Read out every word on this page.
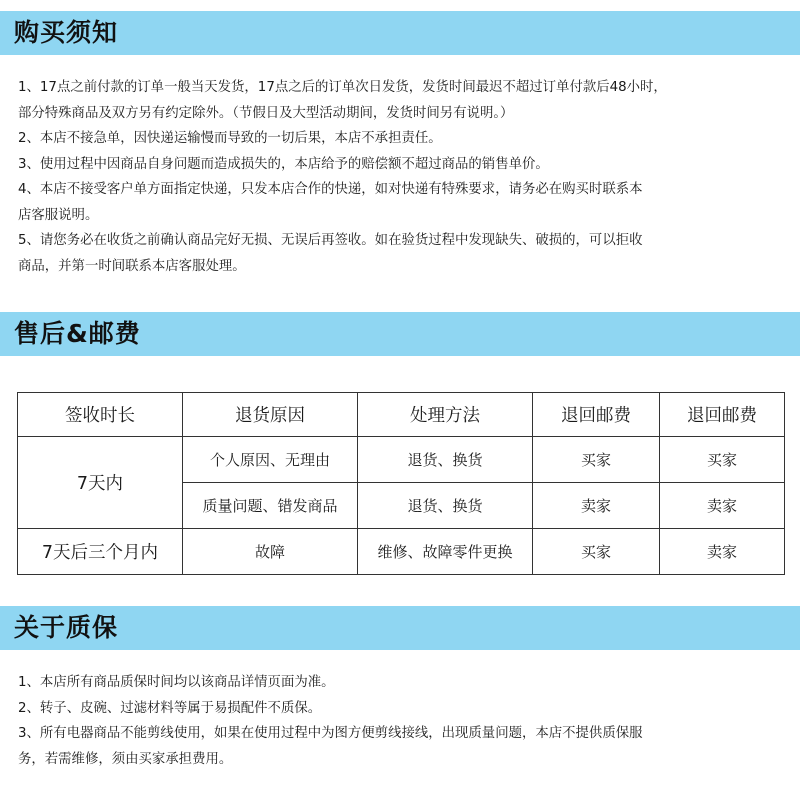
购买须知

1、17点之前付款的订单一般当天发货，17点之后的订单次日发货，发货时间最迟不超过订单付款后48小时，

部分特殊商品及双方另有约定除外。（节假日及大型活动期间，发货时间另有说明。）

2、本店不接急单，因快递运输慢而导致的一切后果，本店不承担责任。

3、使用过程中因商品自身问题而造成损失的，本店给予的赔偿额不超过商品的销售单价。

4、本店不接受客户单方面指定快递，只发本店合作的快递，如对快递有特殊要求，请务必在购买时联系本

店客服说明。

5、请您务必在收货之前确认商品完好无损、无误后再签收。如在验货过程中发现缺失、破损的，可以拒收

商品，并第一时间联系本店客服处理。

售后&邮费
签收时长	退货原因	处理方法	退回邮费	退回邮费
7天内	个人原因、无理由	退货、换货	买家	买家
	质量问题、错发商品	退货、换货	卖家	卖家
7天后三个月内	故障	维修、故障零件更换	买家	卖家
关于质保

1、本店所有商品质保时间均以该商品详情页面为准。

2、转子、皮碗、过滤材料等属于易损配件不质保。

3、所有电器商品不能剪线使用，如果在使用过程中为图方便剪线接线，出现质量问题，本店不提供质保服

务，若需维修，须由买家承担费用。
